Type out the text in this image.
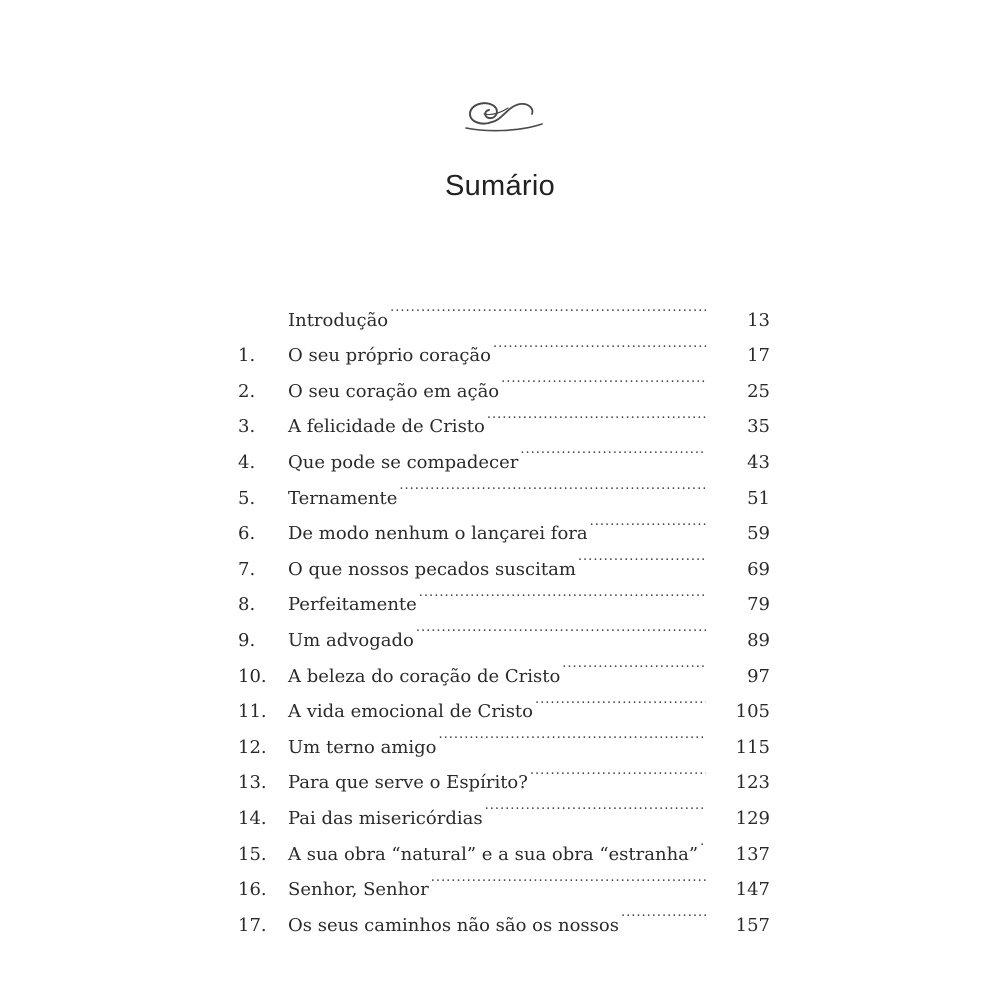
Sumário
Introdução .....	13
1.	O seu próprio coração .....	17
2.	O seu coração em ação .....	25
3.	A felicidade de Cristo .....	35
4.	Que pode se compadecer .....	43
5.	Ternamente .....	51
6.	De modo nenhum o lançarei fora .....	59
7.	O que nossos pecados suscitam .....	69
8.	Perfeitamente .....	79
9.	Um advogado .....	89
10.	A beleza do coração de Cristo .....	97
11.	A vida emocional de Cristo .....	105
12.	Um terno amigo .....	115
13.	Para que serve o Espírito? .....	123
14.	Pai das misericórdias .....	129
15.	A sua obra “natural” e a sua obra “estranha” .....	137
16.	Senhor, Senhor .....	147
17.	Os seus caminhos não são os nossos .....	157
